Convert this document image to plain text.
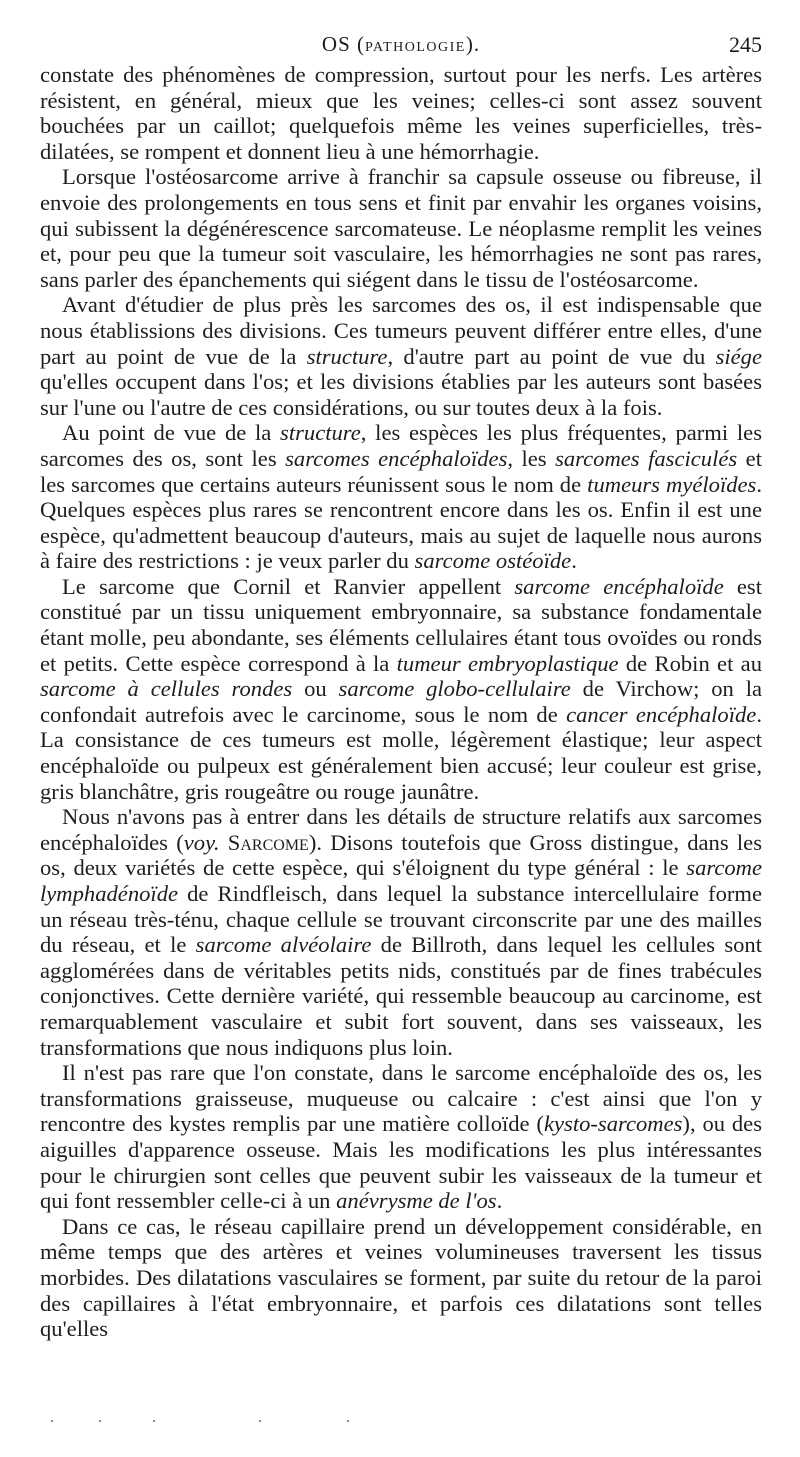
OS (PATHOLOGIE).	245

constate des phénomènes de compression, surtout pour les nerfs. Les artères résistent, en général, mieux que les veines; celles-ci sont assez souvent bouchées par un caillot; quelquefois même les veines superficielles, très-dilatées, se rompent et donnent lieu à une hémorrhagie.

Lorsque l'ostéosarcome arrive à franchir sa capsule osseuse ou fibreuse, il envoie des prolongements en tous sens et finit par envahir les organes voisins, qui subissent la dégénérescence sarcomateuse. Le néoplasme remplit les veines et, pour peu que la tumeur soit vasculaire, les hémorrhagies ne sont pas rares, sans parler des épanchements qui siégent dans le tissu de l'ostéosarcome.

Avant d'étudier de plus près les sarcomes des os, il est indispensable que nous établissions des divisions. Ces tumeurs peuvent différer entre elles, d'une part au point de vue de la structure, d'autre part au point de vue du siége qu'elles occupent dans l'os; et les divisions établies par les auteurs sont basées sur l'une ou l'autre de ces considérations, ou sur toutes deux à la fois.

Au point de vue de la structure, les espèces les plus fréquentes, parmi les sarcomes des os, sont les sarcomes encéphaloïdes, les sarcomes fasciculés et les sarcomes que certains auteurs réunissent sous le nom de tumeurs myéloïdes. Quelques espèces plus rares se rencontrent encore dans les os. Enfin il est une espèce, qu'admettent beaucoup d'auteurs, mais au sujet de laquelle nous aurons à faire des restrictions : je veux parler du sarcome ostéoïde.

Le sarcome que Cornil et Ranvier appellent sarcome encéphaloïde est constitué par un tissu uniquement embryonnaire, sa substance fondamentale étant molle, peu abondante, ses éléments cellulaires étant tous ovoïdes ou ronds et petits. Cette espèce correspond à la tumeur embryoplastique de Robin et au sarcome à cellules rondes ou sarcome globo-cellulaire de Virchow; on la confondait autrefois avec le carcinome, sous le nom de cancer encéphaloïde. La consistance de ces tumeurs est molle, légèrement élastique; leur aspect encéphaloïde ou pulpeux est généralement bien accusé; leur couleur est grise, gris blanchâtre, gris rougeâtre ou rouge jaunâtre.

Nous n'avons pas à entrer dans les détails de structure relatifs aux sarcomes encéphaloïdes (voy. Sarcome). Disons toutefois que Gross distingue, dans les os, deux variétés de cette espèce, qui s'éloignent du type général : le sarcome lymphadénoïde de Rindfleisch, dans lequel la substance intercellulaire forme un réseau très-ténu, chaque cellule se trouvant circonscrite par une des mailles du réseau, et le sarcome alvéolaire de Billroth, dans lequel les cellules sont agglomérées dans de véritables petits nids, constitués par de fines trabécules conjonctives. Cette dernière variété, qui ressemble beaucoup au carcinome, est remarquablement vasculaire et subit fort souvent, dans ses vaisseaux, les transformations que nous indiquons plus loin.

Il n'est pas rare que l'on constate, dans le sarcome encéphaloïde des os, les transformations graisseuse, muqueuse ou calcaire : c'est ainsi que l'on y rencontre des kystes remplis par une matière colloïde (kysto-sarcomes), ou des aiguilles d'apparence osseuse. Mais les modifications les plus intéressantes pour le chirurgien sont celles que peuvent subir les vaisseaux de la tumeur et qui font ressembler celle-ci à un anévrysme de l'os.

Dans ce cas, le réseau capillaire prend un développement considérable, en même temps que des artères et veines volumineuses traversent les tissus morbides. Des dilatations vasculaires se forment, par suite du retour de la paroi des capillaires à l'état embryonnaire, et parfois ces dilatations sont telles qu'elles
